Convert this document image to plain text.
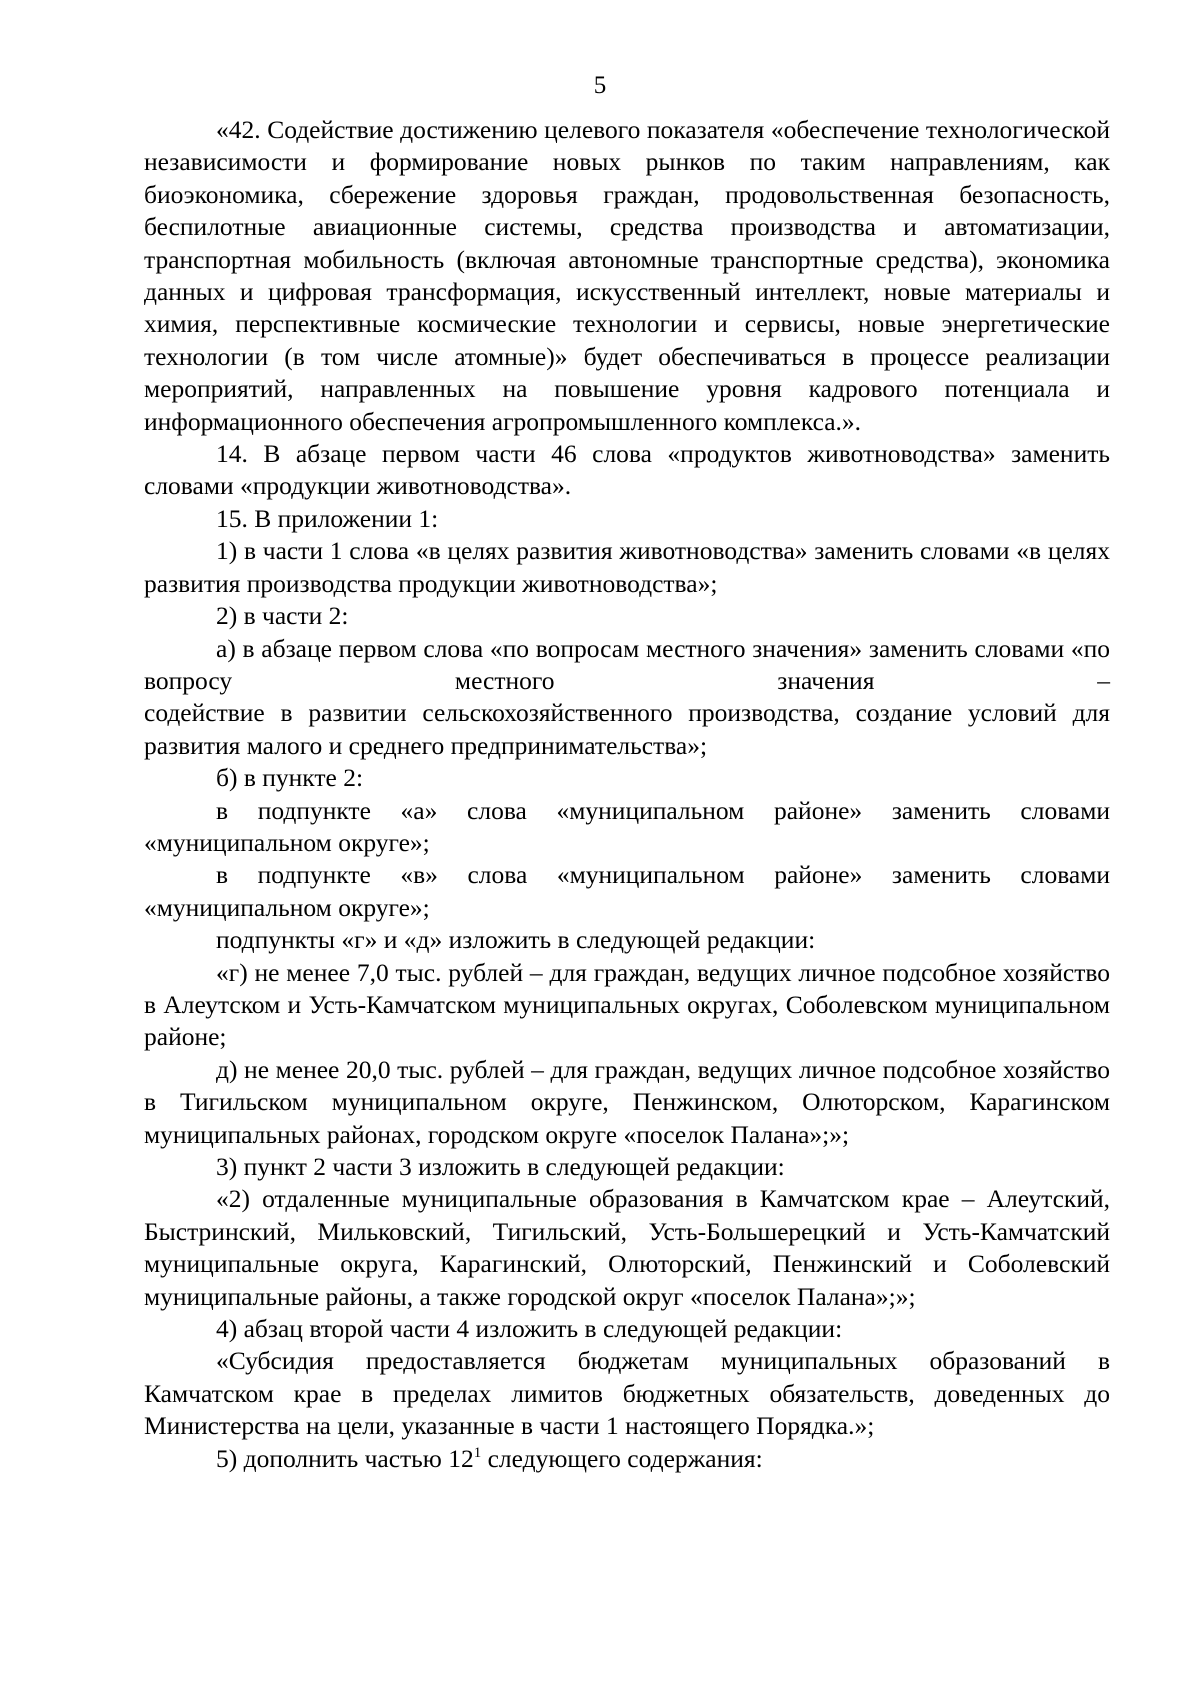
5

«42. Содействие достижению целевого показателя «обеспечение технологической независимости и формирование новых рынков по таким направлениям, как биоэкономика, сбережение здоровья граждан, продовольственная безопасность, беспилотные авиационные системы, средства производства и автоматизации, транспортная мобильность (включая автономные транспортные средства), экономика данных и цифровая трансформация, искусственный интеллект, новые материалы и химия, перспективные космические технологии и сервисы, новые энергетические технологии (в том числе атомные)» будет обеспечиваться в процессе реализации мероприятий, направленных на повышение уровня кадрового потенциала и информационного обеспечения агропромышленного комплекса.».

14. В абзаце первом части 46 слова «продуктов животноводства» заменить словами «продукции животноводства».

15. В приложении 1:

1) в части 1 слова «в целях развития животноводства» заменить словами «в целях развития производства продукции животноводства»;

2) в части 2:

а) в абзаце первом слова «по вопросам местного значения» заменить словами «по вопросу местного значения –

содействие в развитии сельскохозяйственного производства, создание условий для развития малого и среднего предпринимательства»;

б) в пункте 2:

в подпункте «а» слова «муниципальном районе» заменить словами «муниципальном округе»;

в подпункте «в» слова «муниципальном районе» заменить словами «муниципальном округе»;

подпункты «г» и «д» изложить в следующей редакции:

«г) не менее 7,0 тыс. рублей – для граждан, ведущих личное подсобное хозяйство в Алеутском и Усть-Камчатском муниципальных округах, Соболевском муниципальном районе;

д) не менее 20,0 тыс. рублей – для граждан, ведущих личное подсобное хозяйство в Тигильском муниципальном округе, Пенжинском, Олюторском, Карагинском муниципальных районах, городском округе «поселок Палана»;»;

3) пункт 2 части 3 изложить в следующей редакции:

«2) отдаленные муниципальные образования в Камчатском крае – Алеутский, Быстринский, Мильковский, Тигильский, Усть-Большерецкий и Усть-Камчатский муниципальные округа, Карагинский, Олюторский, Пенжинский и Соболевский муниципальные районы, а также городской округ «поселок Палана»;»;

4) абзац второй части 4 изложить в следующей редакции:

«Субсидия предоставляется бюджетам муниципальных образований в Камчатском крае в пределах лимитов бюджетных обязательств, доведенных до Министерства на цели, указанные в части 1 настоящего Порядка.»;

5) дополнить частью $12^1$ следующего содержания:
